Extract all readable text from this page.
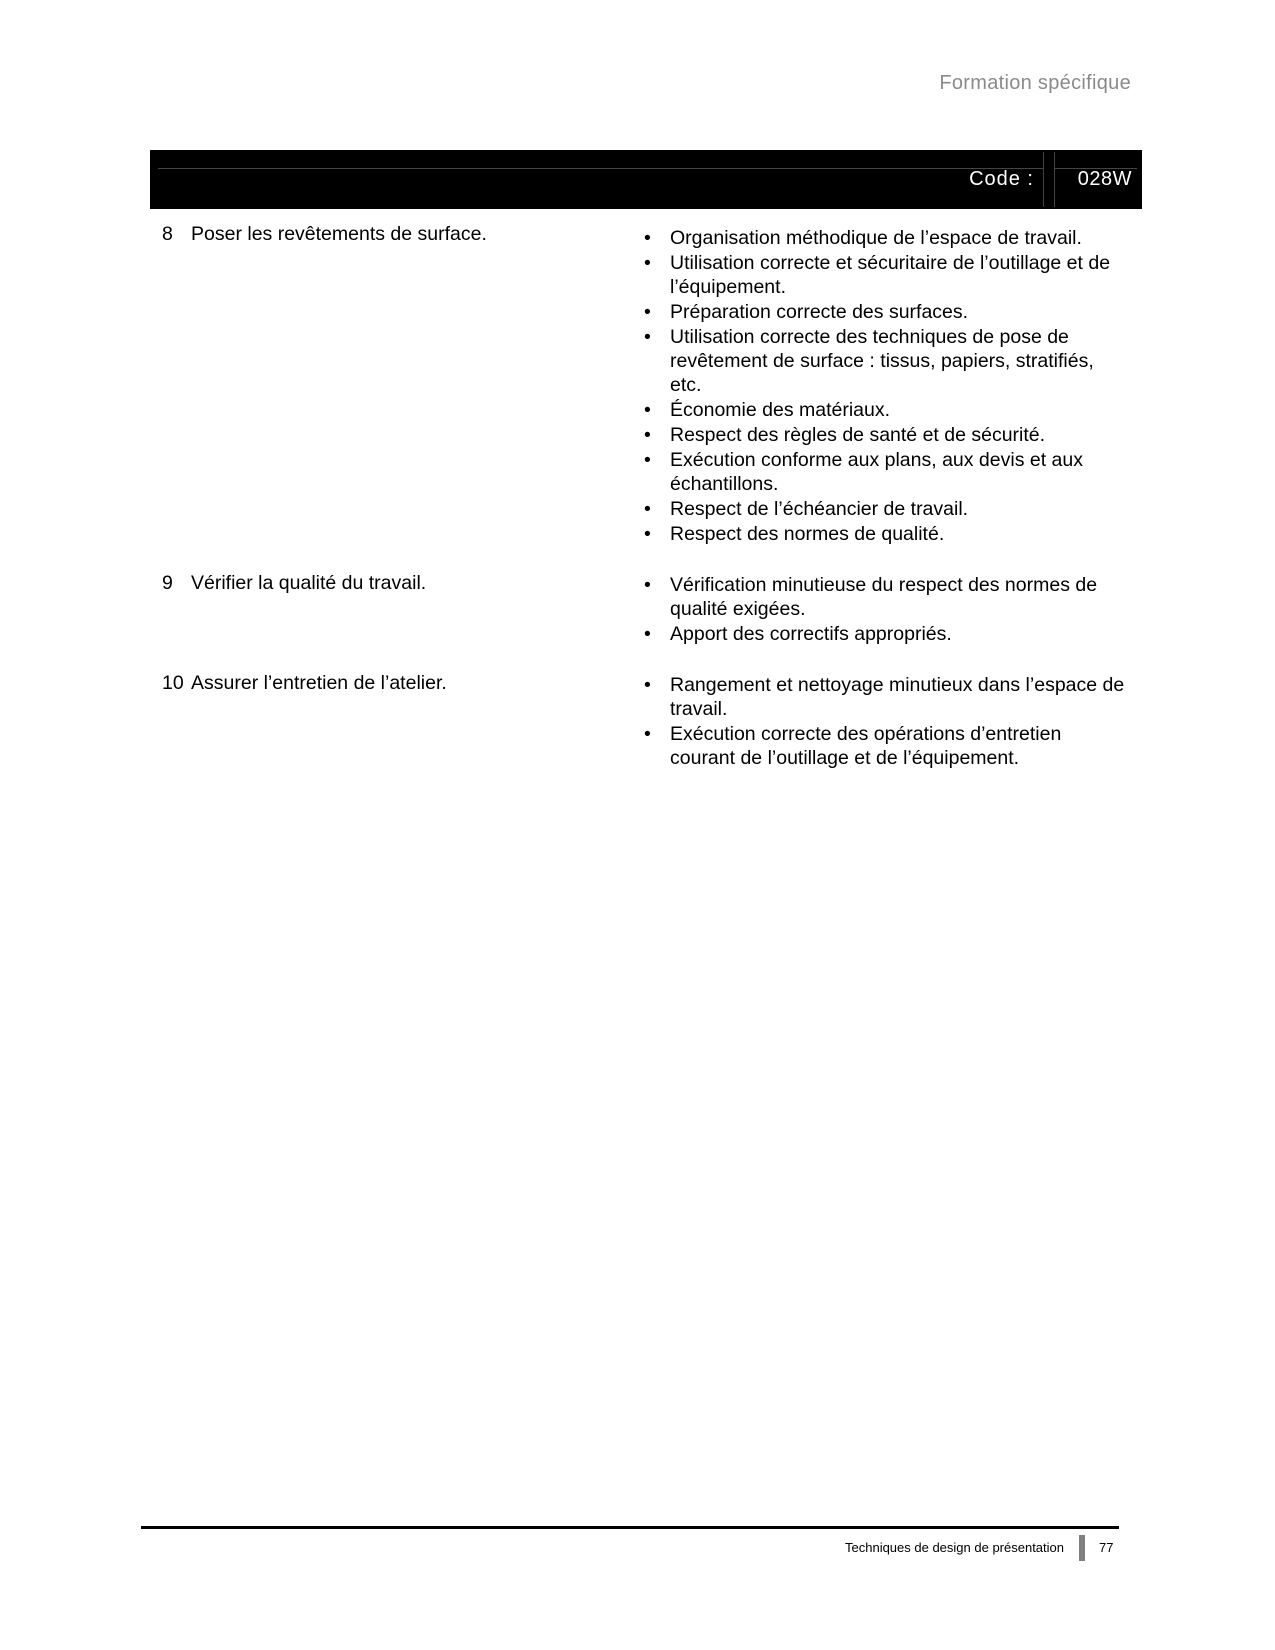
Formation spécifique
Code : 028W
8 Poser les revêtements de surface.	• Organisation méthodique de l’espace de travail.
• Utilisation correcte et sécuritaire de l’outillage et de l’équipement.
• Préparation correcte des surfaces.
• Utilisation correcte des techniques de pose de revêtement de surface : tissus, papiers, stratifiés, etc.
• Économie des matériaux.
• Respect des règles de santé et de sécurité.
• Exécution conforme aux plans, aux devis et aux échantillons.
• Respect de l’échéancier de travail.
• Respect des normes de qualité.
9 Vérifier la qualité du travail.	• Vérification minutieuse du respect des normes de qualité exigées.
• Apport des correctifs appropriés.
10 Assurer l’entretien de l’atelier.	• Rangement et nettoyage minutieux dans l’espace de travail.
• Exécution correcte des opérations d’entretien courant de l’outillage et de l’équipement.
Techniques de design de présentation	77
